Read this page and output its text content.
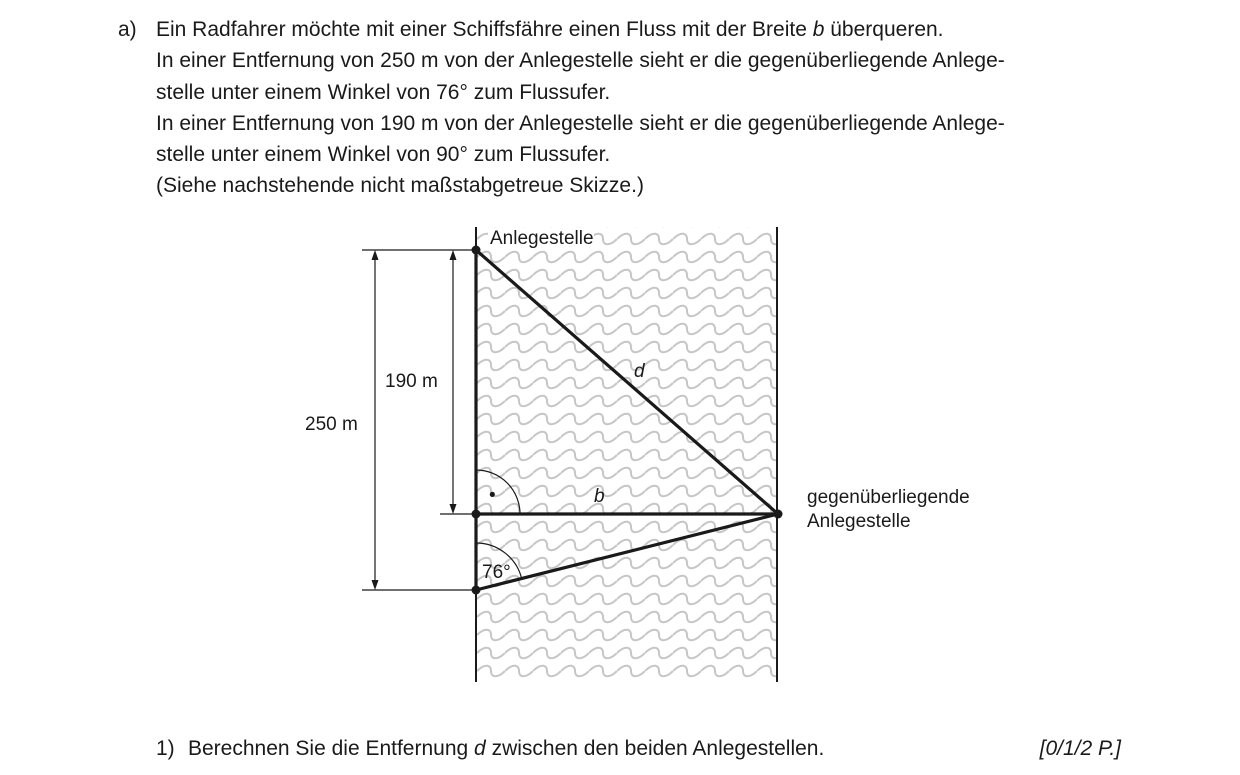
a) Ein Radfahrer möchte mit einer Schiffsfähre einen Fluss mit der Breite b überqueren.
In einer Entfernung von 250 m von der Anlegestelle sieht er die gegenüberliegende Anlege-
stelle unter einem Winkel von 76° zum Flussufer.
In einer Entfernung von 190 m von der Anlegestelle sieht er die gegenüberliegende Anlege-
stelle unter einem Winkel von 90° zum Flussufer.
(Siehe nachstehende nicht maßstabgetreue Skizze.)
Anlegestelle
gegenüberliegende
Anlegestelle
250 m
190 m	d
b
76°
•
1) Berechnen Sie die Entfernung d zwischen den beiden Anlegestellen.	[0/1/2 P.]
